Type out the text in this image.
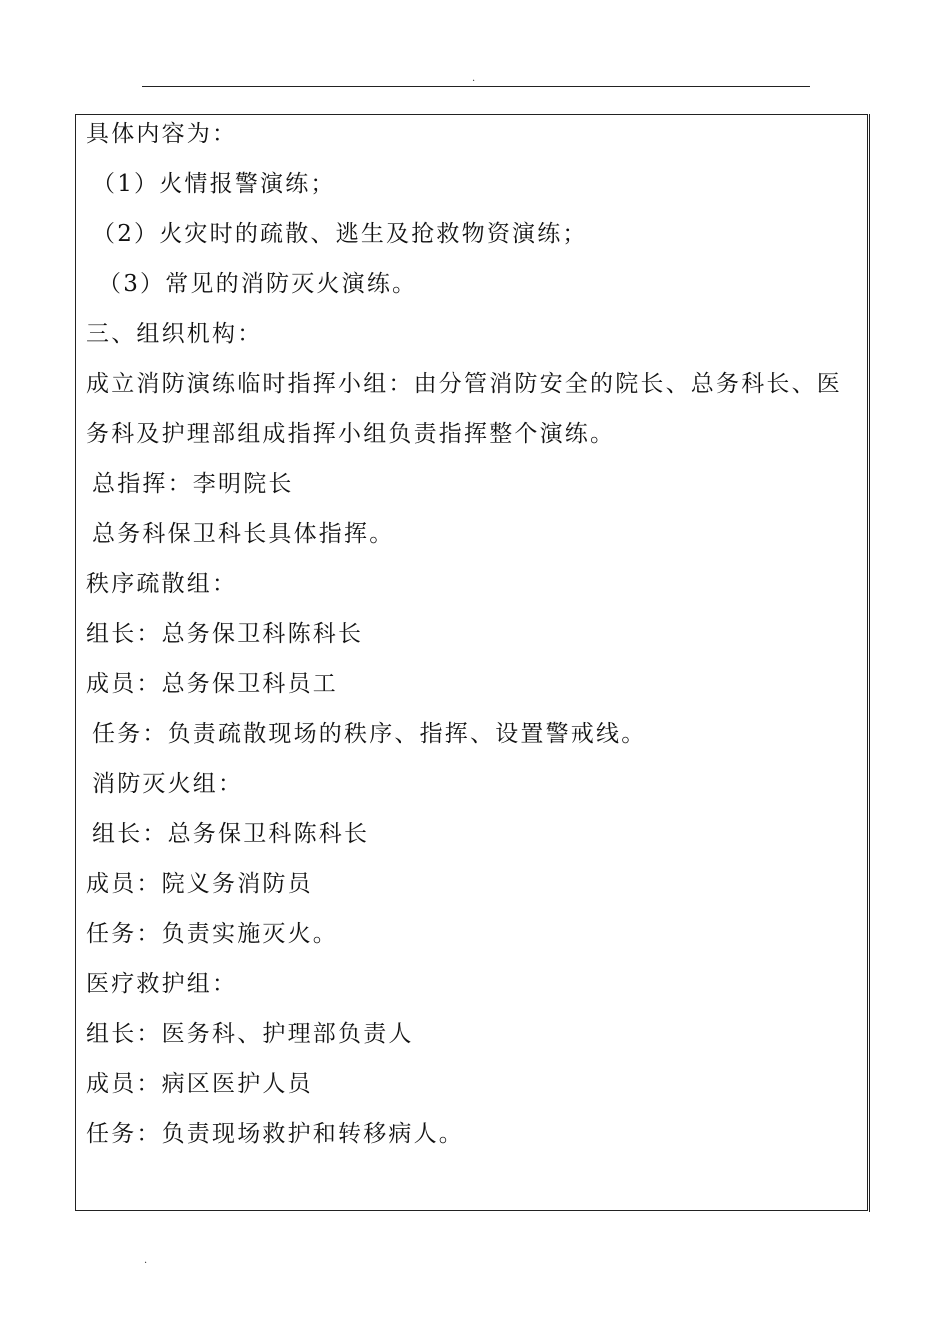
.
具体内容为：
（1）火情报警演练；
（2）火灾时的疏散、逃生及抢救物资演练；
（3）常见的消防灭火演练。
三、组织机构：
成立消防演练临时指挥小组：由分管消防安全的院长、总务科长、医
务科及护理部组成指挥小组负责指挥整个演练。
总指挥：李明院长
总务科保卫科长具体指挥。
秩序疏散组：
组长：总务保卫科陈科长
成员：总务保卫科员工
任务：负责疏散现场的秩序、指挥、设置警戒线。
消防灭火组：
组长：总务保卫科陈科长
成员：院义务消防员
任务：负责实施灭火。
医疗救护组：
组长：医务科、护理部负责人
成员：病区医护人员
任务：负责现场救护和转移病人。
.
